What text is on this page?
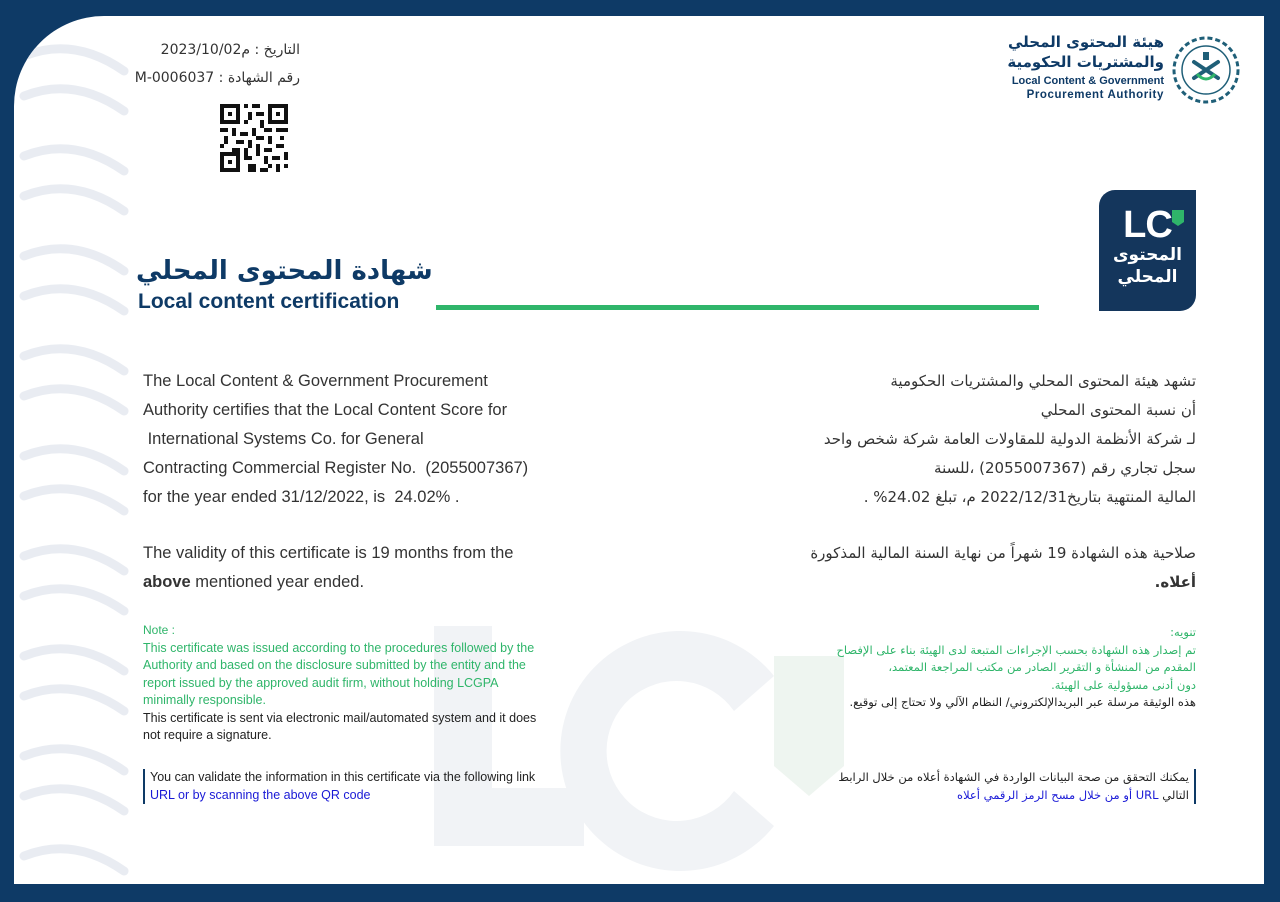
التاريخ : 2023/10/02م
رقم الشهادة : M-0006037
هيئة المحتوى المحلي
والمشتريات الحكومية
Local Content & Government
Procurement Authority
LC
المحتوى
المحلي
شهادة المحتوى المحلي
Local content certification
The Local Content & Government Procurement
Authority certifies that the Local Content Score for
International Systems Co. for General
Contracting Commercial Register No.  (2055007367)
for the year ended 31/12/2022, is  24.02% .
The validity of this certificate is 19 months from the
above mentioned year ended.
تشهد هيئة المحتوى المحلي والمشتريات الحكومية
أن نسبة المحتوى المحلي
لـ شركة الأنظمة الدولية للمقاولات العامة شركة شخص واحد
سجل تجاري رقم (2055007367) ،للسنة
المالية المنتهية بتاريخ2022/12/31 م، تبلغ 24.02% .
صلاحية هذه الشهادة 19 شهراً من نهاية السنة المالية المذكورة
أعلاه.
Note :
This certificate was issued according to the procedures followed by the
Authority and based on the disclosure submitted by the entity and the
report issued by the approved audit firm, without holding LCGPA
minimally responsible.
This certificate is sent via electronic mail/automated system and it does
not require a signature.
تنويه:
تم إصدار هذه الشهادة بحسب الإجراءات المتبعة لدى الهيئة بناء على الإفصاح
المقدم من المنشأة و التقرير الصادر من مكتب المراجعة المعتمد،
دون أدنى مسؤولية على الهيئة.
هذه الوثيقة مرسلة عبر البريدالإلكتروني/ النظام الآلي ولا تحتاج إلى توقيع.
You can validate the information in this certificate via the following link
URL or by scanning the above QR code
يمكنك التحقق من صحة البيانات الواردة في الشهادة أعلاه من خلال الرابط
التالي URL أو من خلال مسح الرمز الرقمي أعلاه
